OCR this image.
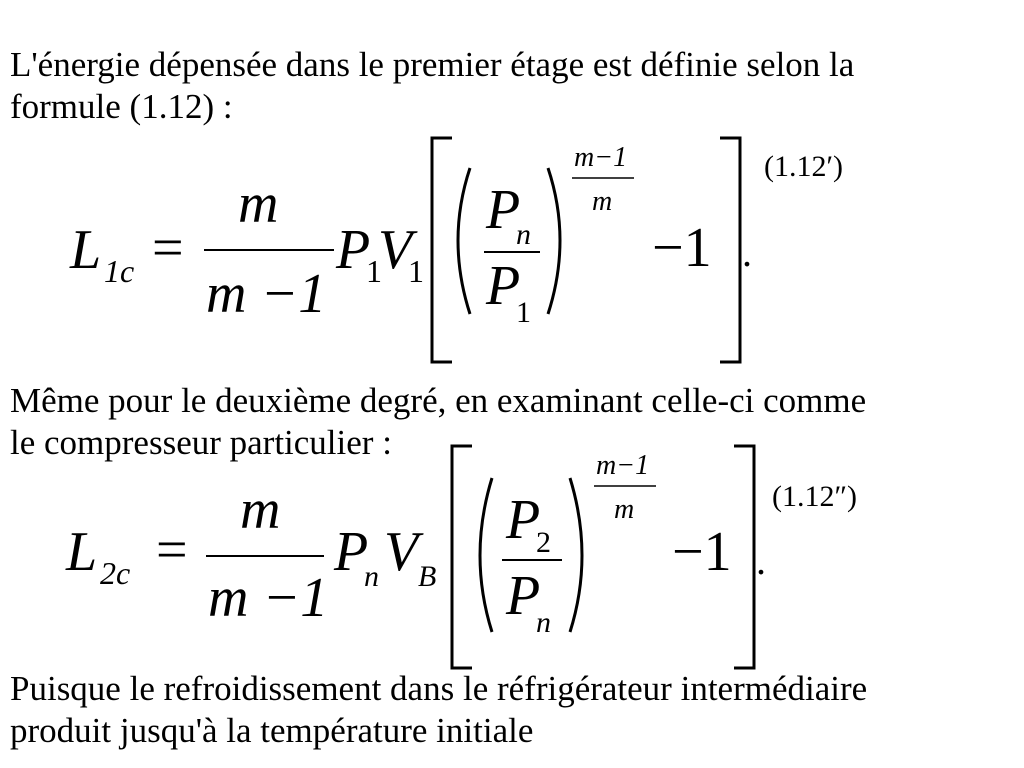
L'énergie dépensée dans le premier étage est définie selon la
formule (1.12) :
Même pour le deuxième degré, en examinant celle-ci comme
le compresseur particulier :
Puisque le refroidissement dans le réfrigérateur intermédiaire
produit jusqu'à la température initiale
L 1c =
m
m −1
P
1
V
1
P
n
P
1
m−1
m
−1 .
(1.12′)
L 2c =
m
m −1
P
n V B
P
2
P
n
m−1
m
−1 .
(1.12″)
